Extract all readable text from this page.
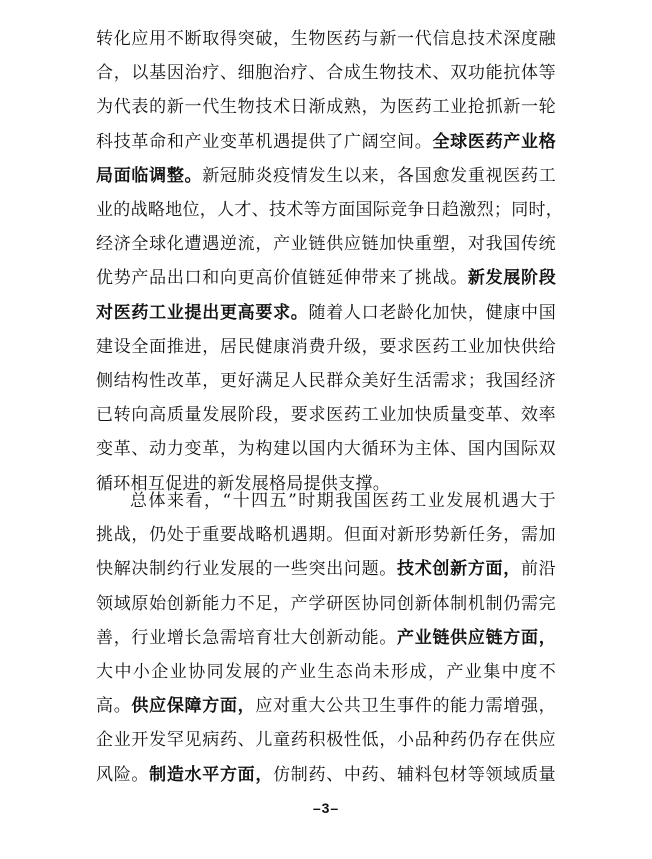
转化应用不断取得突破，生物医药与新一代信息技术深度融
合，以基因治疗、细胞治疗、合成生物技术、双功能抗体等
为代表的新一代生物技术日渐成熟，为医药工业抢抓新一轮
科技革命和产业变革机遇提供了广阔空间。全球医药产业格
局面临调整。新冠肺炎疫情发生以来，各国愈发重视医药工
业的战略地位，人才、技术等方面国际竞争日趋激烈；同时，
经济全球化遭遇逆流，产业链供应链加快重塑，对我国传统
优势产品出口和向更高价值链延伸带来了挑战。新发展阶段
对医药工业提出更高要求。随着人口老龄化加快，健康中国
建设全面推进，居民健康消费升级，要求医药工业加快供给
侧结构性改革，更好满足人民群众美好生活需求；我国经济
已转向高质量发展阶段，要求医药工业加快质量变革、效率
变革、动力变革，为构建以国内大循环为主体、国内国际双
循环相互促进的新发展格局提供支撑。
总体来看，“十四五”时期我国医药工业发展机遇大于
挑战，仍处于重要战略机遇期。但面对新形势新任务，需加
快解决制约行业发展的一些突出问题。技术创新方面，前沿
领域原始创新能力不足，产学研医协同创新体制机制仍需完
善，行业增长急需培育壮大创新动能。产业链供应链方面，
大中小企业协同发展的产业生态尚未形成，产业集中度不
高。供应保障方面，应对重大公共卫生事件的能力需增强，
企业开发罕见病药、儿童药积极性低，小品种药仍存在供应
风险。制造水平方面，仿制药、中药、辅料包材等领域质量
–3–
